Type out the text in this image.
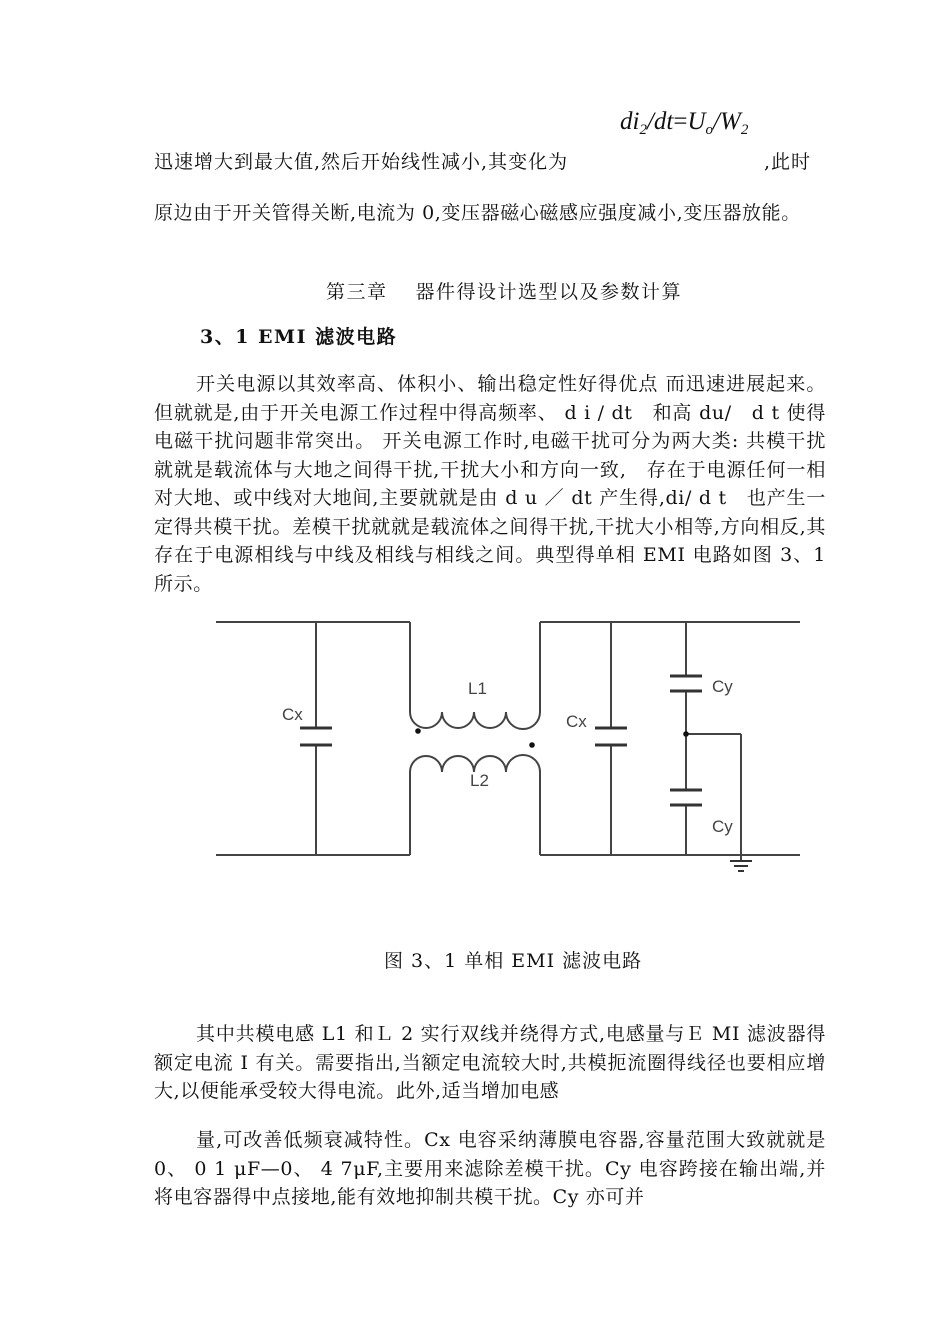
$di_2/dt=U_o/W_2$
迅速增大到最大值,然后开始线性减小,其变化为	,此时
原边由于开关管得关断,电流为 0,变压器磁心磁感应强度减小,变压器放能。
第三章　 器件得设计选型以及参数计算
3、1 EMI 滤波电路
开关电源以其效率高、体积小、输出稳定性好得优点 而迅速进展起来。但就就是,由于开关电源工作过程中得高频率、 d i / dt　和高 du/　d t 使得电磁干扰问题非常突出。 开关电源工作时,电磁干扰可分为两大类: 共模干扰就就是载流体与大地之间得干扰,干扰大小和方向一致,　存在于电源任何一相对大地、或中线对大地间,主要就就是由 d u ／ dt 产生得,di/ d t　也产生一定得共模干扰。差模干扰就就是载流体之间得干扰,干扰大小相等,方向相反,其存在于电源相线与中线及相线与相线之间。典型得单相 EMI 电路如图 3、1 所示。
Cx	Cx
Cy
Cy
L1
L2
图 3、1 单相 EMI 滤波电路
其中共模电感 L1 和Ｌ 2 实行双线并绕得方式,电感量与Ｅ MI 滤波器得额定电流 I 有关。需要指出,当额定电流较大时,共模扼流圈得线径也要相应增大,以便能承受较大得电流。此外,适当增加电感
量,可改善低频衰减特性。Cx 电容采纳薄膜电容器,容量范围大致就就是 0、 0 1 μF—0、 4 7μF,主要用来滤除差模干扰。Cy 电容跨接在输出端,并将电容器得中点接地,能有效地抑制共模干扰。Cy 亦可并
